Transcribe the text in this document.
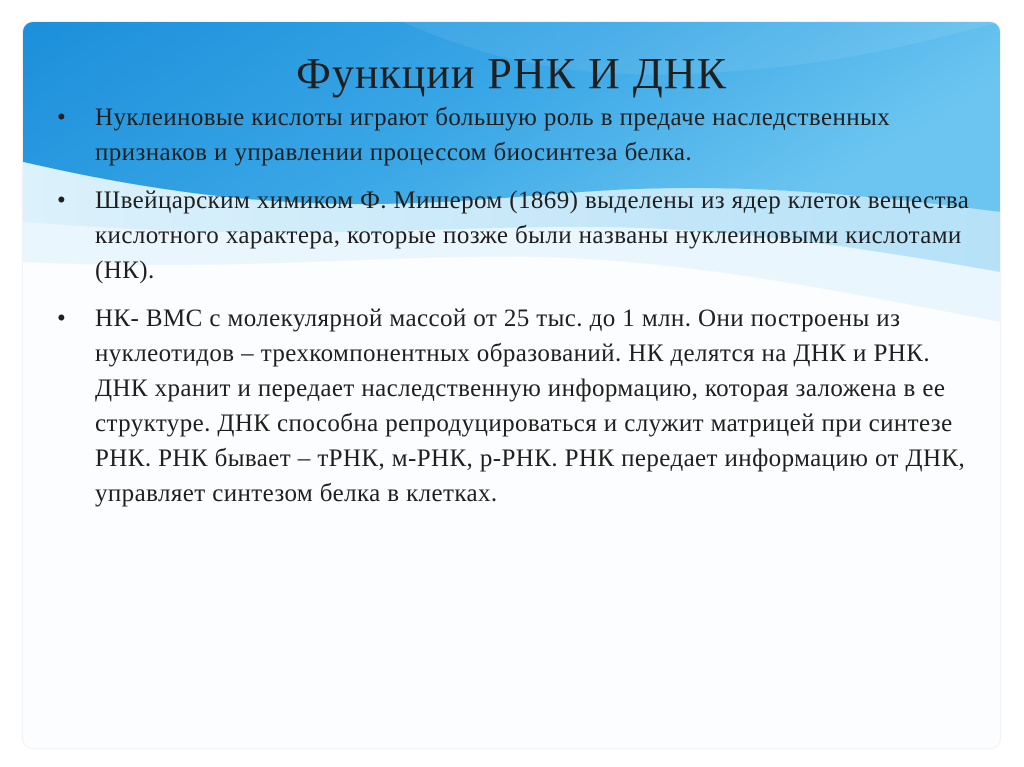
Функции РНК И ДНК
•	Нуклеиновые кислоты играют большую роль в предаче наследственных признаков и управлении процессом биосинтеза белка.
•	Швейцарским химиком Ф. Мишером (1869) выделены из ядер клеток вещества кислотного характера, которые позже были названы нуклеиновыми кислотами (НК).
•	НК- ВМС с молекулярной массой от 25 тыс. до 1 млн. Они построены из нуклеотидов – трехкомпонентных образований. НК делятся на ДНК и РНК. ДНК хранит и передает наследственную информацию, которая заложена в ее структуре. ДНК способна репродуцироваться и служит матрицей при синтезе РНК. РНК бывает – тРНК, м-РНК, р-РНК. РНК передает информацию от ДНК, управляет синтезом белка в клетках.
